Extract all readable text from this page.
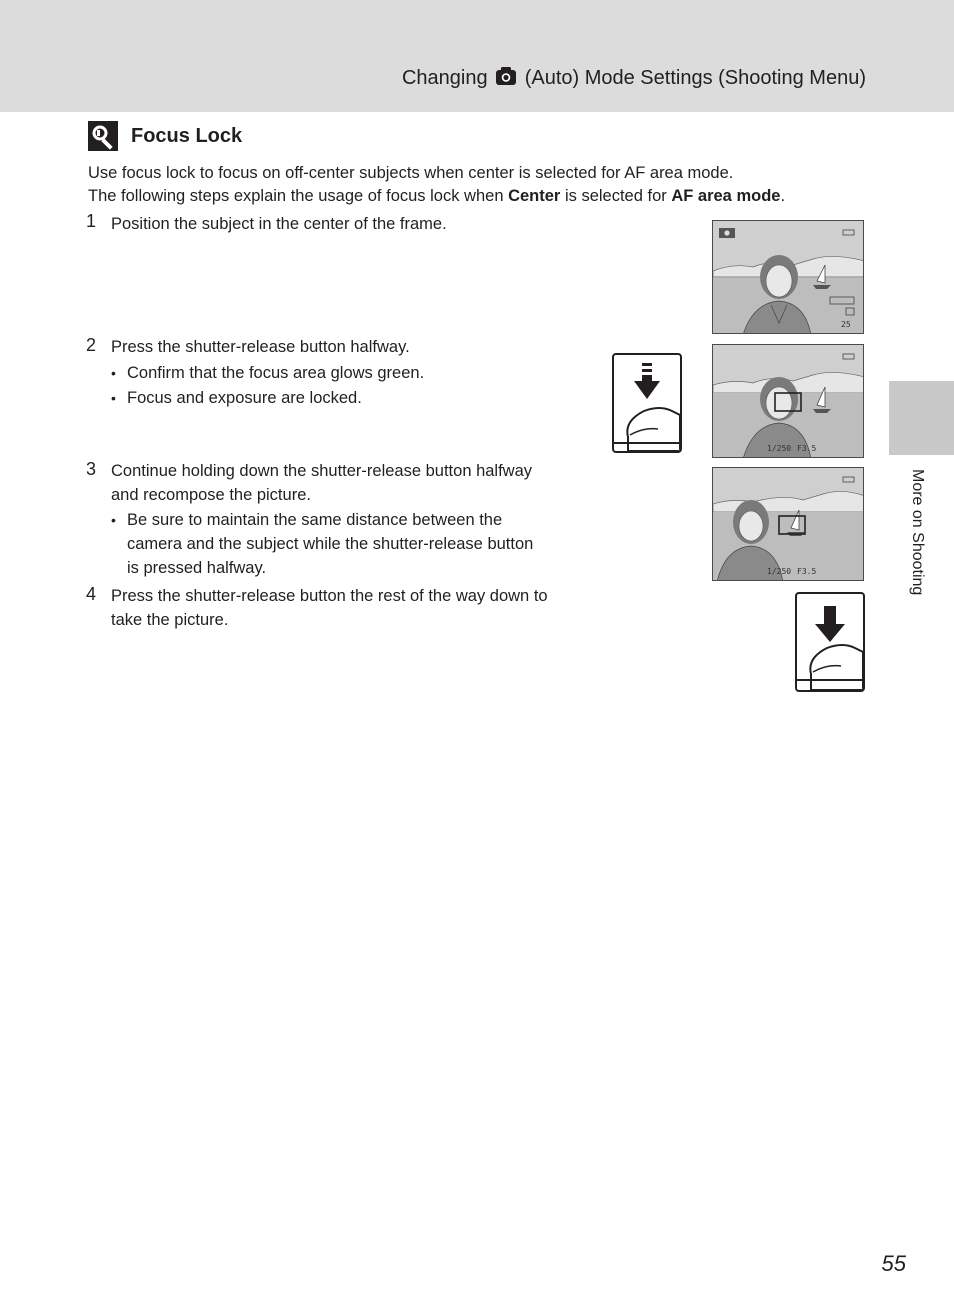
Changing (Auto) Mode Settings (Shooting Menu)
Focus Lock

Use focus lock to focus on off-center subjects when center is selected for AF area mode.

The following steps explain the usage of focus lock when Center is selected for AF area mode.

1 Position the subject in the center of the frame.
2 Press the shutter-release button halfway.
• Confirm that the focus area glows green.
• Focus and exposure are locked.
3 Continue holding down the shutter-release button halfway
and recompose the picture.
• Be sure to maintain the same distance between the
camera and the subject while the shutter-release button
is pressed halfway.
4 Press the shutter-release button the rest of the way down to
take the picture.
25
1/250 F3.5
1/250 F3.5	More on Shooting
55
